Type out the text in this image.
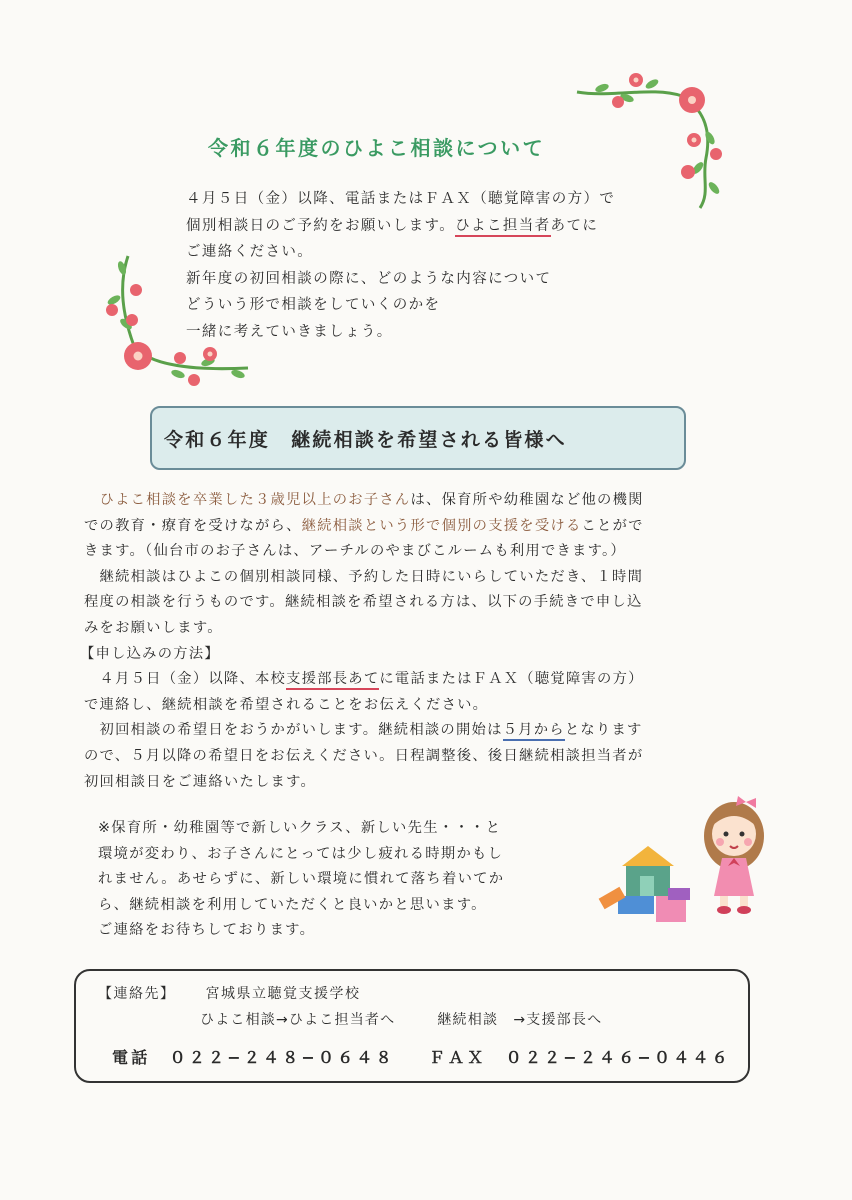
令和６年度のひよこ相談について
４月５日（金）以降、電話またはＦＡＸ（聴覚障害の方）で
個別相談日のご予約をお願いします。ひよこ担当者あてに
ご連絡ください。
新年度の初回相談の際に、どのような内容について
どういう形で相談をしていくのかを
一緒に考えていきましょう。
令和６年度　継続相談を希望される皆様へ
　ひよこ相談を卒業した３歳児以上のお子さんは、保育所や幼稚園など他の機関
での教育・療育を受けながら、継続相談という形で個別の支援を受けることがで
きます。（仙台市のお子さんは、アーチルのやまびこルームも利用できます。）
　継続相談はひよこの個別相談同様、予約した日時にいらしていただき、１時間
程度の相談を行うものです。継続相談を希望される方は、以下の手続きで申し込
みをお願いします。
【申し込みの方法】
　４月５日（金）以降、本校支援部長あてに電話またはＦＡＸ（聴覚障害の方）
で連絡し、継続相談を希望されることをお伝えください。
　初回相談の希望日をおうかがいします。継続相談の開始は５月からとなります
ので、５月以降の希望日をお伝えください。日程調整後、後日継続相談担当者が
初回相談日をご連絡いたします。
※保育所・幼稚園等で新しいクラス、新しい先生・・・と
環境が変わり、お子さんにとっては少し疲れる時期かもし
れません。あせらずに、新しい環境に慣れて落ち着いてか
ら、継続相談を利用していただくと良いかと思います。
ご連絡をお待ちしております。
【連絡先】 宮城県立聴覚支援学校
ひよこ相談→ひよこ担当者へ	継続相談　→支援部長へ
電話　０２２−２４８−０６４８ ＦＡＸ　０２２−２４６−０４４６
